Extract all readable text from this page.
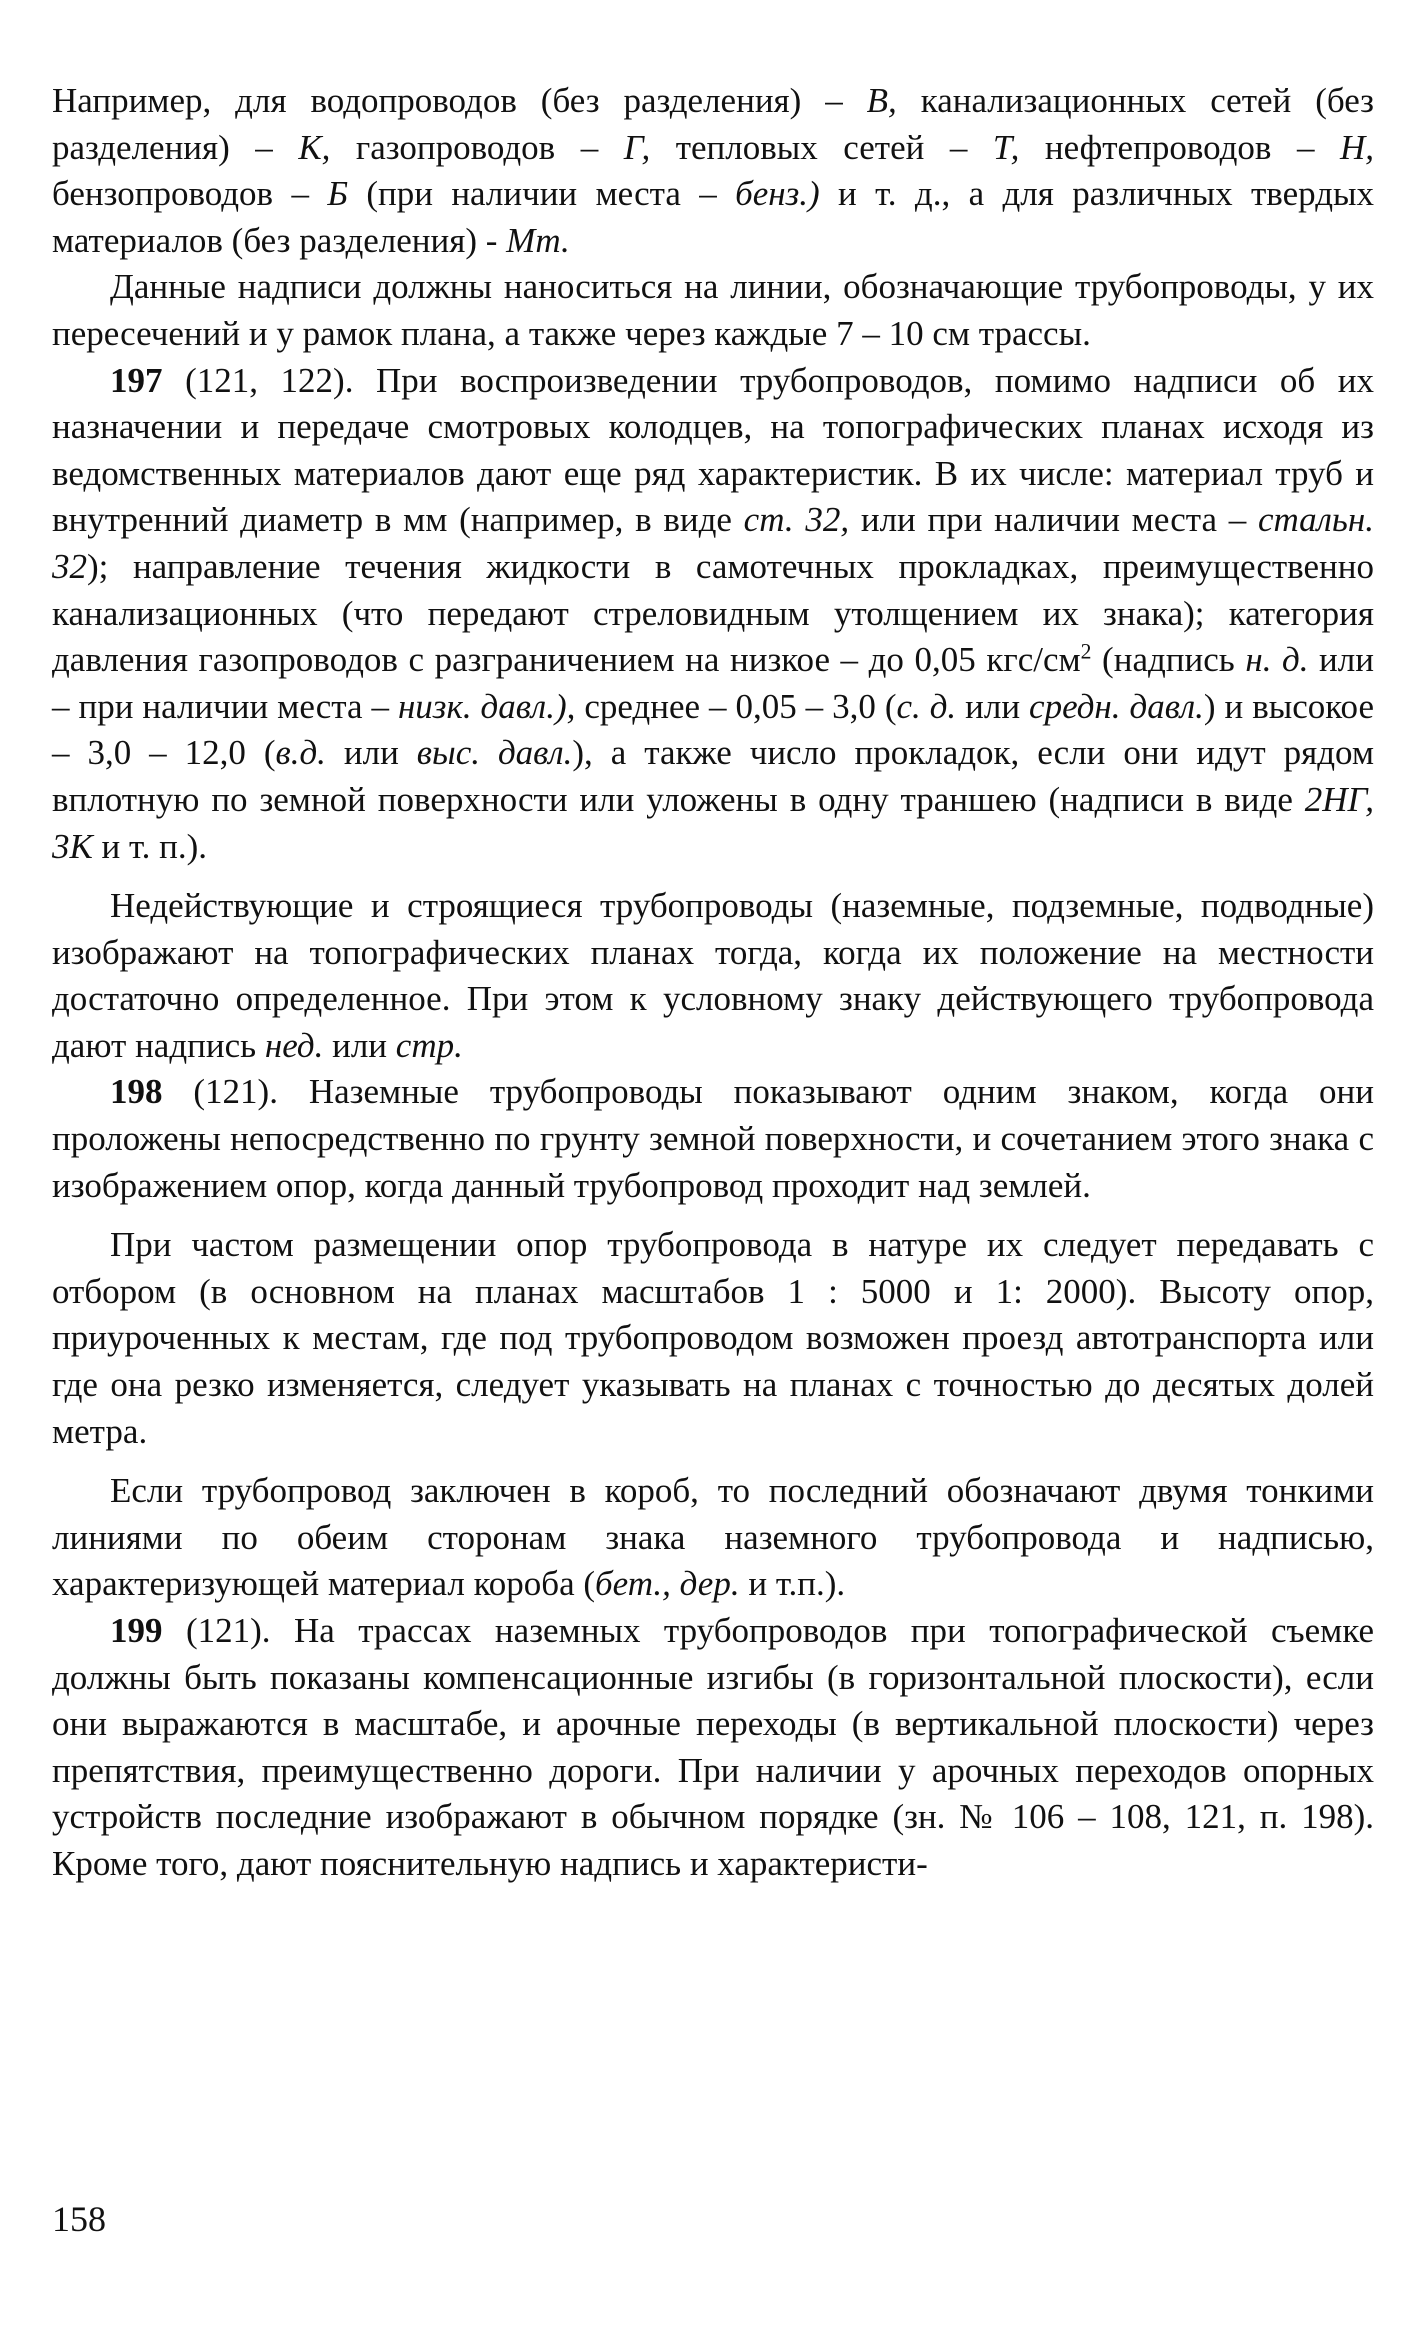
Например, для водопроводов (без разделения) – В, канализационных сетей (без разделения) – К, газопроводов – Г, тепловых сетей – Т, нефтепроводов – Н, бензопроводов – Б (при наличии места – бенз.) и т. д., а для различных твердых материалов (без разделения) - Мт.

Данные надписи должны наноситься на линии, обозначающие трубопроводы, у их пересечений и у рамок плана, а также через каждые 7 – 10 см трассы.

197 (121, 122). При воспроизведении трубопроводов, помимо надписи об их назначении и передаче смотровых колодцев, на топографических планах исходя из ведомственных материалов дают еще ряд характеристик. В их числе: материал труб и внутренний диаметр в мм (например, в виде ст. 32, или при наличии места – стальн. 32); направление течения жидкости в самотечных прокладках, преимущественно канализационных (что передают стреловидным утолщением их знака); категория давления газопроводов с разграничением на низкое – до 0,05 кгс/$см^2$ (надпись н. д. или – при наличии места – низк. давл.), среднее – 0,05 – 3,0 (с. д. или средн. давл.) и высокое – 3,0 – 12,0 (в.д. или выс. давл.), а также число прокладок, если они идут рядом вплотную по земной поверхности или уложены в одну траншею (надписи в виде 2НГ, 3К и т. п.).

Недействующие и строящиеся трубопроводы (наземные, подземные, подводные) изображают на топографических планах тогда, когда их положение на местности достаточно определенное. При этом к условному знаку действующего трубопровода дают надпись нед. или стр.

198 (121). Наземные трубопроводы показывают одним знаком, когда они проложены непосредственно по грунту земной поверхности, и сочетанием этого знака с изображением опор, когда данный трубопровод проходит над землей.

При частом размещении опор трубопровода в натуре их следует передавать с отбором (в основном на планах масштабов 1 : 5000 и 1: 2000). Высоту опор, приуроченных к местам, где под трубопроводом возможен проезд автотранспорта или где она резко изменяется, следует указывать на планах с точностью до десятых долей метра.

Если трубопровод заключен в короб, то последний обозначают двумя тонкими линиями по обеим сторонам знака наземного трубопровода и надписью, характеризующей материал короба (бет., дер. и т.п.).

199 (121). На трассах наземных трубопроводов при топографической съемке должны быть показаны компенсационные изгибы (в горизонтальной плоскости), если они выражаются в масштабе, и арочные переходы (в вертикальной плоскости) через препятствия, преимущественно дороги. При наличии у арочных переходов опорных устройств последние изображают в обычном порядке (зн. № 106 – 108, 121, п. 198). Кроме того, дают пояснительную надпись и характеристи-

158
